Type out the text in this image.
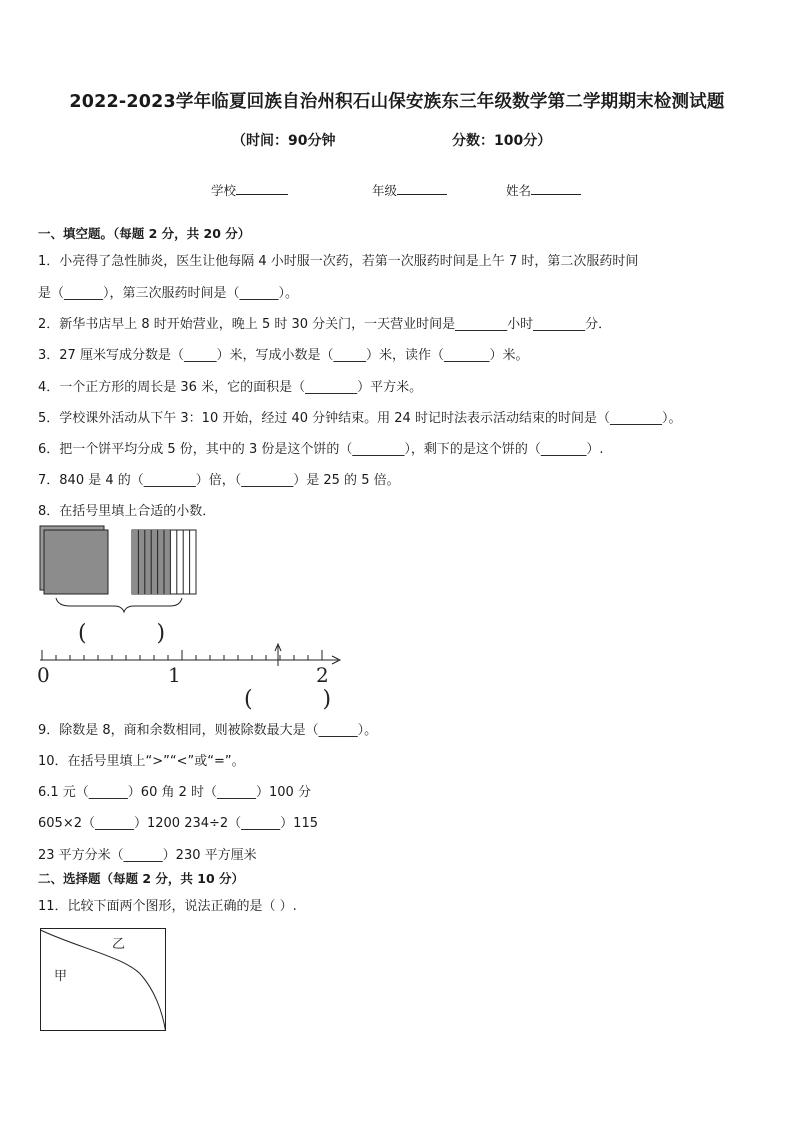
2022-2023学年临夏回族自治州积石山保安族东三年级数学第二学期期末检测试题
（时间：90分钟	分数：100分）
学校	年级	姓名
一、填空题。（每题 2 分，共 20 分）
1．小亮得了急性肺炎，医生让他每隔 4 小时服一次药，若第一次服药时间是上午 7 时，第二次服药时间
是（______），第三次服药时间是（______）。
2．新华书店早上 8 时开始营业，晚上 5 时 30 分关门，一天营业时间是________小时________分．
3．27 厘米写成分数是（_____）米，写成小数是（_____）米，读作（_______）米。
4．一个正方形的周长是 36 米，它的面积是（________）平方米。
5．学校课外活动从下午 3：10 开始，经过 40 分钟结束。用 24 时记时法表示活动结束的时间是（________）。
6．把一个饼平均分成 5 份，其中的 3 份是这个饼的（________），剩下的是这个饼的（_______）.
7．840 是 4 的（________）倍，（________）是 25 的 5 倍。
8．在括号里填上合适的小数．
(          )
0	1	2
(          )
9．除数是 8，商和余数相同，则被除数最大是（______）。
10．在括号里填上“>”“<”或“=”。
6.1 元（______）60 角 2 时（______）100 分
605×2（______）1200 234÷2（______）115
23 平方分米（______）230 平方厘米
二、选择题（每题 2 分，共 10 分）
11．比较下面两个图形，说法正确的是（ ）.
甲
乙
